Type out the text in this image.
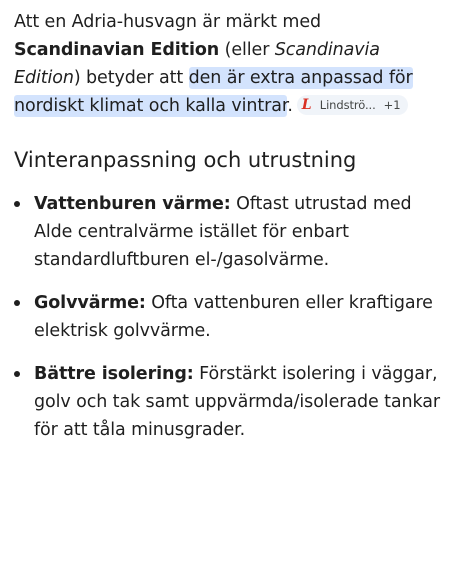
Att en Adria-husvagn är märkt med Scandinavian Edition (eller Scandinavia Edition) betyder att den är extra anpassad för nordiskt klimat och kalla vintrar. L Lindströ... +1

Vinteranpassning och utrustning
Vattenburen värme: Oftast utrustad med Alde centralvärme istället för enbart standardluftburen el-/gasolvärme.
Golvvärme: Ofta vattenburen eller kraftigare elektrisk golvvärme.
Bättre isolering: Förstärkt isolering i väggar, golv och tak samt uppvärmda/isolerade tankar för att tåla minusgrader.
